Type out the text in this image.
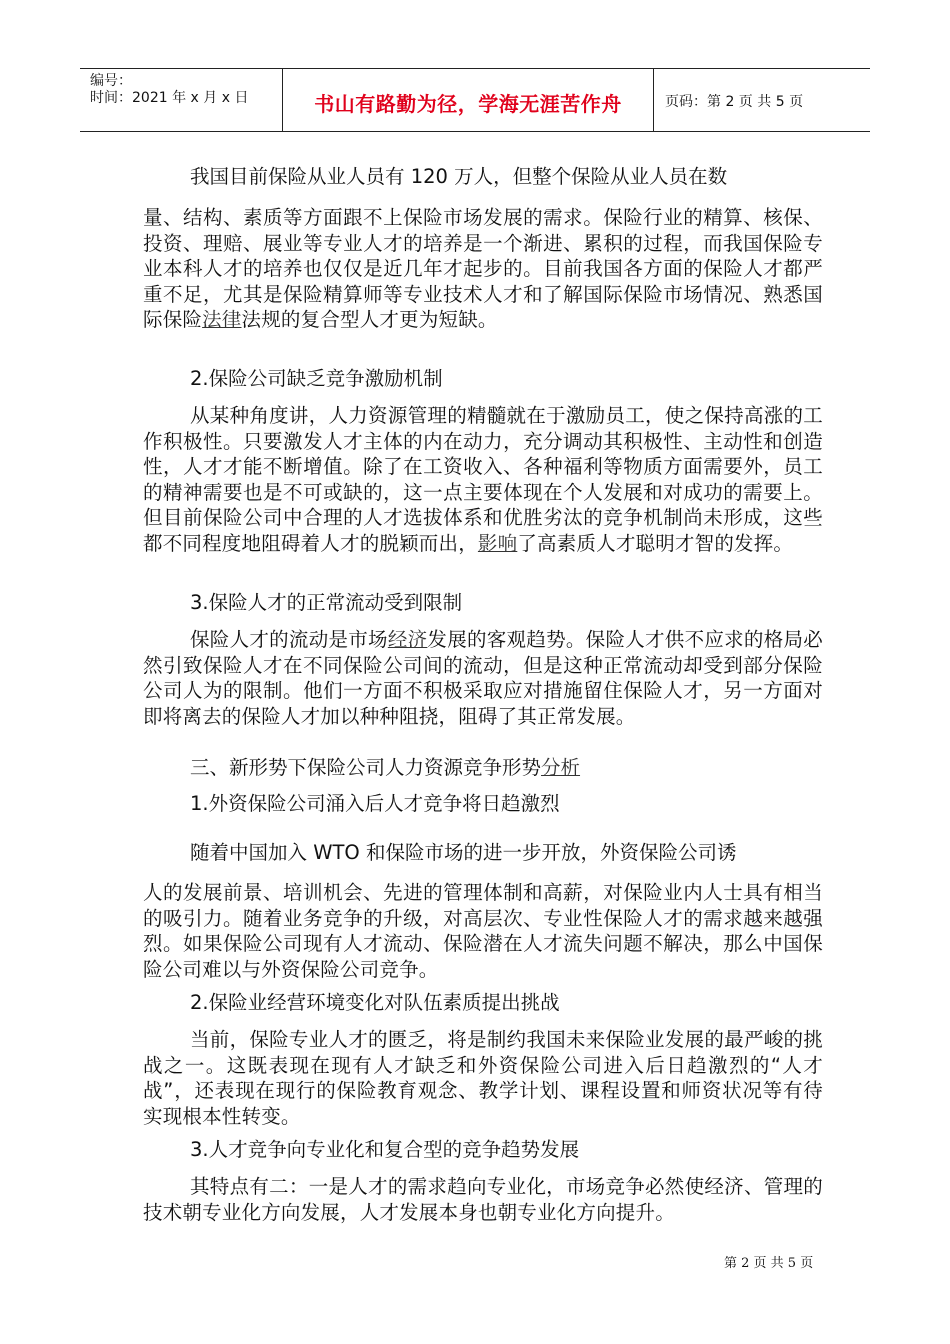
编号：
时间：2021 年 x 月 x 日	书山有路勤为径，学海无涯苦作舟	页码：第 2 页 共 5 页

我国目前保险从业人员有 120 万人，但整个保险从业人员在数

量、结构、素质等方面跟不上保险市场发展的需求。保险行业的精算、核保、投资、理赔、展业等专业人才的培养是一个渐进、累积的过程，而我国保险专业本科人才的培养也仅仅是近几年才起步的。目前我国各方面的保险人才都严重不足，尤其是保险精算师等专业技术人才和了解国际保险市场情况、熟悉国际保险法律法规的复合型人才更为短缺。

2.保险公司缺乏竞争激励机制

从某种角度讲，人力资源管理的精髓就在于激励员工，使之保持高涨的工作积极性。只要激发人才主体的内在动力，充分调动其积极性、主动性和创造性，人才才能不断增值。除了在工资收入、各种福利等物质方面需要外，员工的精神需要也是不可或缺的，这一点主要体现在个人发展和对成功的需要上。但目前保险公司中合理的人才选拔体系和优胜劣汰的竞争机制尚未形成，这些都不同程度地阻碍着人才的脱颖而出，影响了高素质人才聪明才智的发挥。

3.保险人才的正常流动受到限制

保险人才的流动是市场经济发展的客观趋势。保险人才供不应求的格局必然引致保险人才在不同保险公司间的流动，但是这种正常流动却受到部分保险公司人为的限制。他们一方面不积极采取应对措施留住保险人才，另一方面对即将离去的保险人才加以种种阻挠，阻碍了其正常发展。

三、新形势下保险公司人力资源竞争形势分析

1.外资保险公司涌入后人才竞争将日趋激烈

随着中国加入 WTO 和保险市场的进一步开放，外资保险公司诱

人的发展前景、培训机会、先进的管理体制和高薪，对保险业内人士具有相当的吸引力。随着业务竞争的升级，对高层次、专业性保险人才的需求越来越强烈。如果保险公司现有人才流动、保险潜在人才流失问题不解决，那么中国保险公司难以与外资保险公司竞争。

2.保险业经营环境变化对队伍素质提出挑战

当前，保险专业人才的匮乏，将是制约我国未来保险业发展的最严峻的挑战之一。这既表现在现有人才缺乏和外资保险公司进入后日趋激烈的“人才战”，还表现在现行的保险教育观念、教学计划、课程设置和师资状况等有待实现根本性转变。

3.人才竞争向专业化和复合型的竞争趋势发展

其特点有二：一是人才的需求趋向专业化，市场竞争必然使经济、管理的技术朝专业化方向发展，人才发展本身也朝专业化方向提升。

第 2 页 共 5 页
